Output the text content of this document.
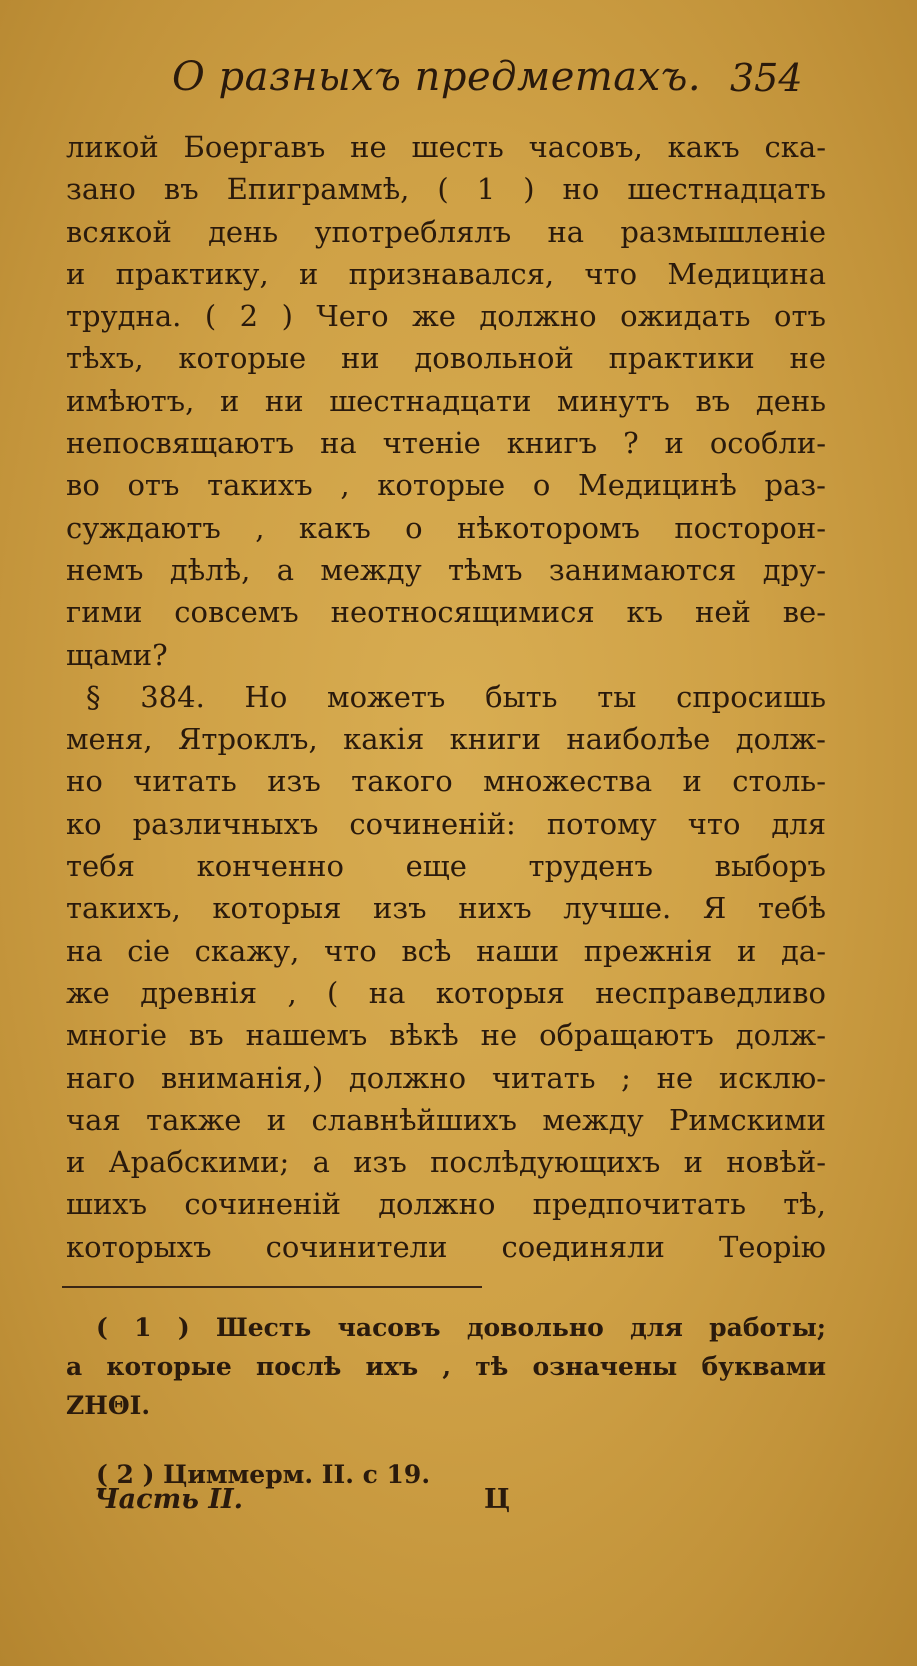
О разныхъ предметахъ. 354
ликой Боергавъ не шесть часовъ, какъ ска-
зано въ Епиграммѣ, ( 1 ) но шестнадцать
всякой день употреблялъ на размышленіе
и практику, и признавался, что Медицина
трудна. ( 2 ) Чего же должно ожидать отъ
тѣхъ, которые ни довольной практики не
имѣютъ, и ни шестнадцати минутъ въ день
непосвящаютъ на чтеніе книгъ ? и особли-
во отъ такихъ , которые о Медицинѣ раз-
суждаютъ , какъ о нѣкоторомъ посторон-
немъ дѣлѣ, а между тѣмъ занимаются дру-
гими совсемъ неотносящимися къ ней ве-
щами?
§ 384. Но можетъ быть ты спросишь
меня, Ятроклъ, какія книги наиболѣе долж-
но читать изъ такого множества и столь-
ко различныхъ сочиненій: потому что для
тебя конченно еще труденъ выборъ
такихъ, которыя изъ нихъ лучше. Я тебѣ
на сіе скажу, что всѣ наши прежнія и да-
же древнія , ( на которыя несправедливо
многіе въ нашемъ вѣкѣ не обращаютъ долж-
наго вниманія,) должно читать ; не исклю-
чая также и славнѣйшихъ между Римскими
и Арабскими; а изъ послѣдующихъ и новѣй-
шихъ сочиненій должно предпочитать тѣ,
которыхъ сочинители соединяли Теорію
( 1 ) Шесть часовъ довольно для работы;
а которые послѣ ихъ , тѣ означены буквами
ΖΗΘΙ.
( 2 ) Циммерм. II. с 19.
Часть II.	Ц
